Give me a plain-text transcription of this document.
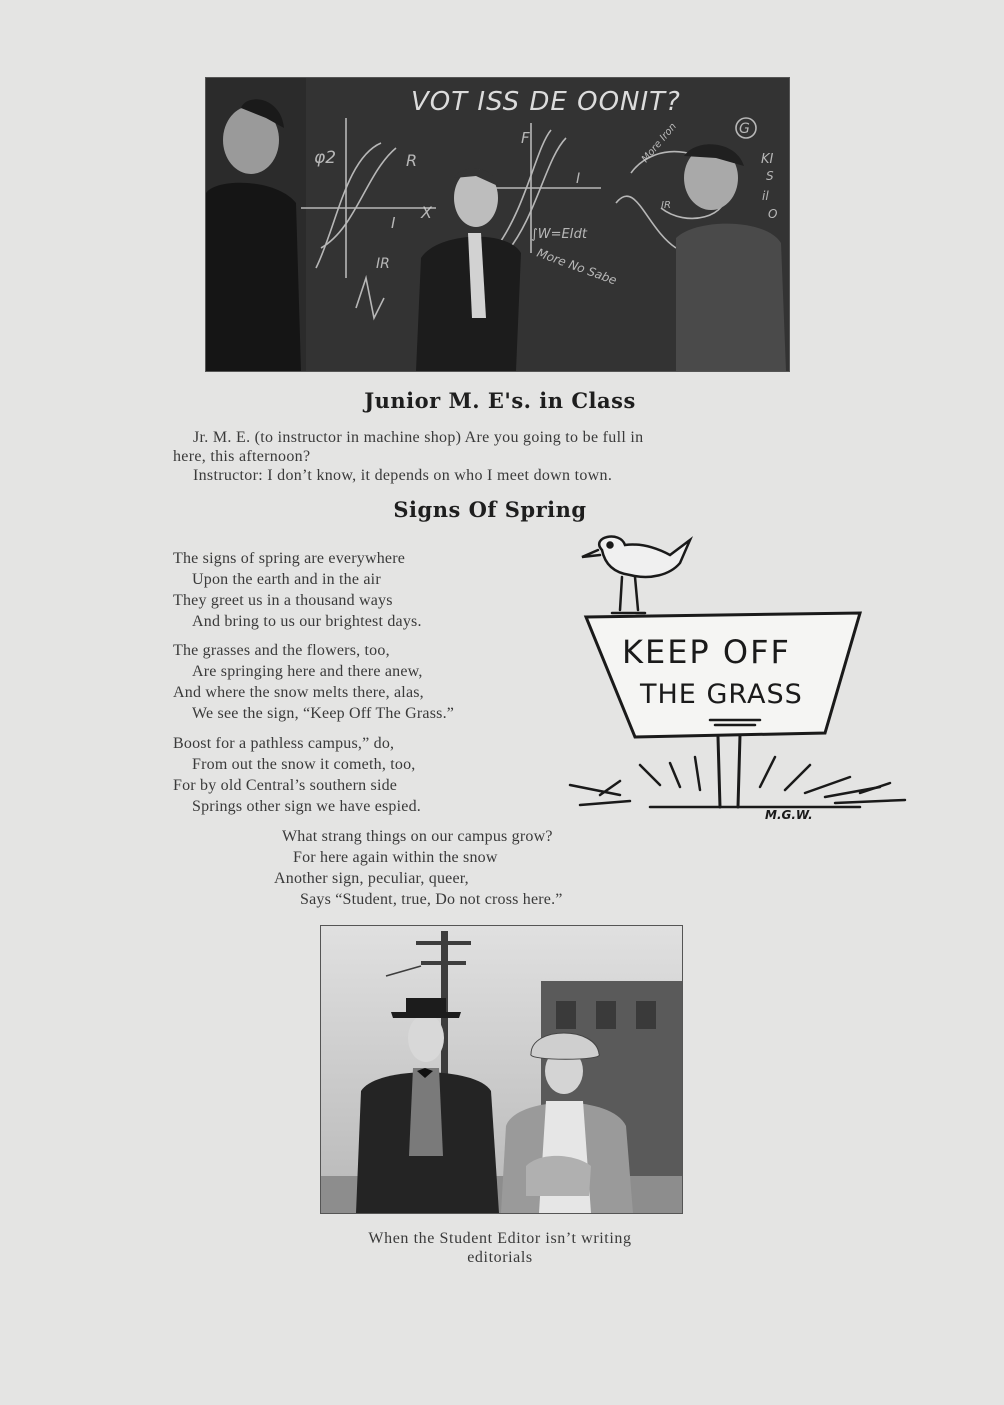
VOT ISS DE OONIT?
φ2	R
I
X
IR
F
I
∫W=EIdt
More No Sabe
More Iron
IR
G
KI
S
il
O
Junior M. E's. in Class
Jr. M. E. (to instructor in machine shop) Are you going to be full in
here, this afternoon?
Instructor: I don’t know, it depends on who I meet down town.
Signs Of Spring
The signs of spring are everywhere
Upon the earth and in the air
They greet us in a thousand ways
And bring to us our brightest days.
The grasses and the flowers, too,
Are springing here and there anew,
And where the snow melts there, alas,
We see the sign, “Keep Off The Grass.”
Boost for a pathless campus,” do,
From out the snow it cometh, too,
For by old Central’s southern side
Springs other sign we have espied.
What strang things on our campus grow?
For here again within the snow
Another sign, peculiar, queer,
Says “Student, true, Do not cross here.”
KEEP OFF
THE GRASS
M.G.W.
When the Student Editor isn’t writing
editorials
